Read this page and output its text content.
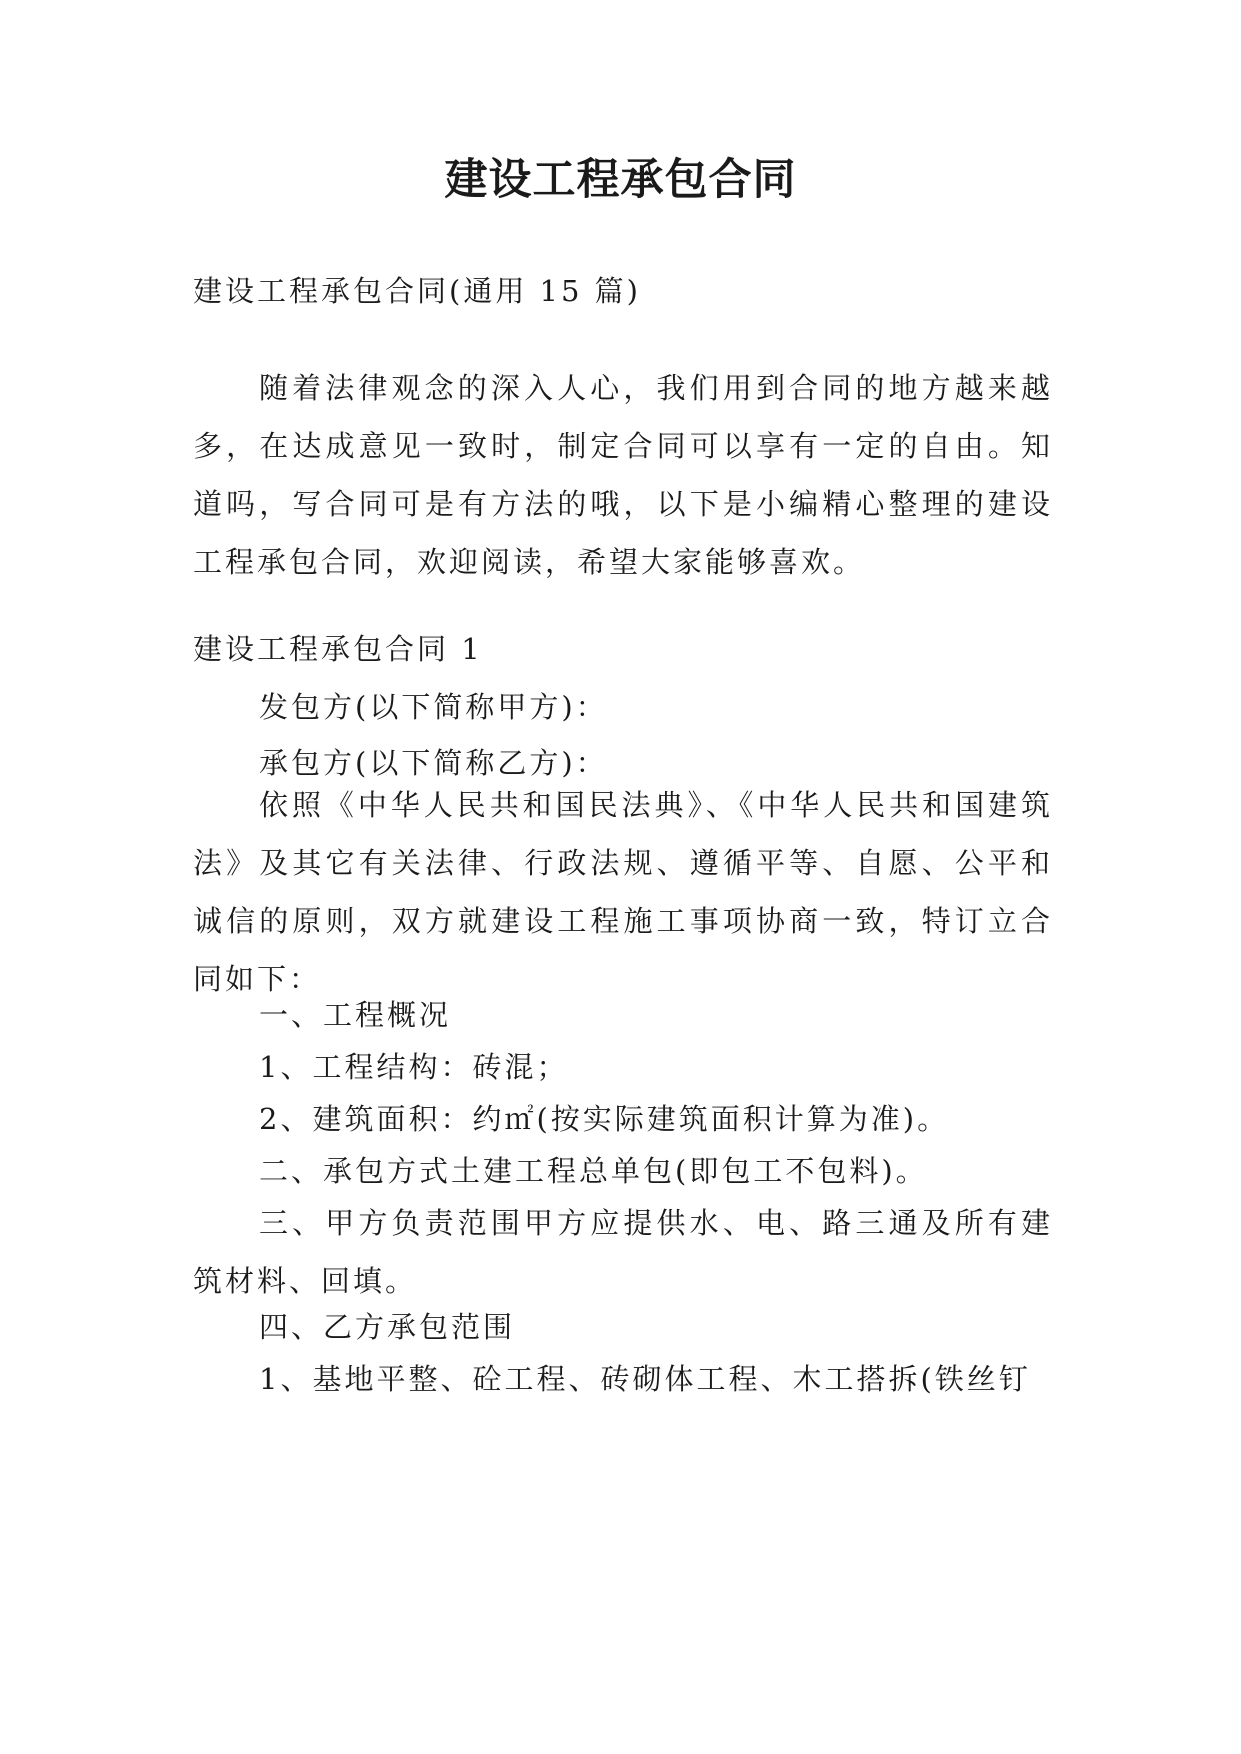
建设工程承包合同

建设工程承包合同(通用 15 篇)

随着法律观念的深入人心，我们用到合同的地方越来越多，在达成意见一致时，制定合同可以享有一定的自由。知道吗，写合同可是有方法的哦，以下是小编精心整理的建设工程承包合同，欢迎阅读，希望大家能够喜欢。

建设工程承包合同 1

发包方(以下简称甲方)：

承包方(以下简称乙方)：

依照《中华人民共和国民法典》、《中华人民共和国建筑法》及其它有关法律、行政法规、遵循平等、自愿、公平和诚信的原则，双方就建设工程施工事项协商一致，特订立合同如下：

一、工程概况

1、工程结构：砖混；

2、建筑面积：约㎡(按实际建筑面积计算为准)。

二、承包方式土建工程总单包(即包工不包料)。

三、甲方负责范围甲方应提供水、电、路三通及所有建筑材料、回填。

四、乙方承包范围

1、基地平整、砼工程、砖砌体工程、木工搭拆(铁丝钉
